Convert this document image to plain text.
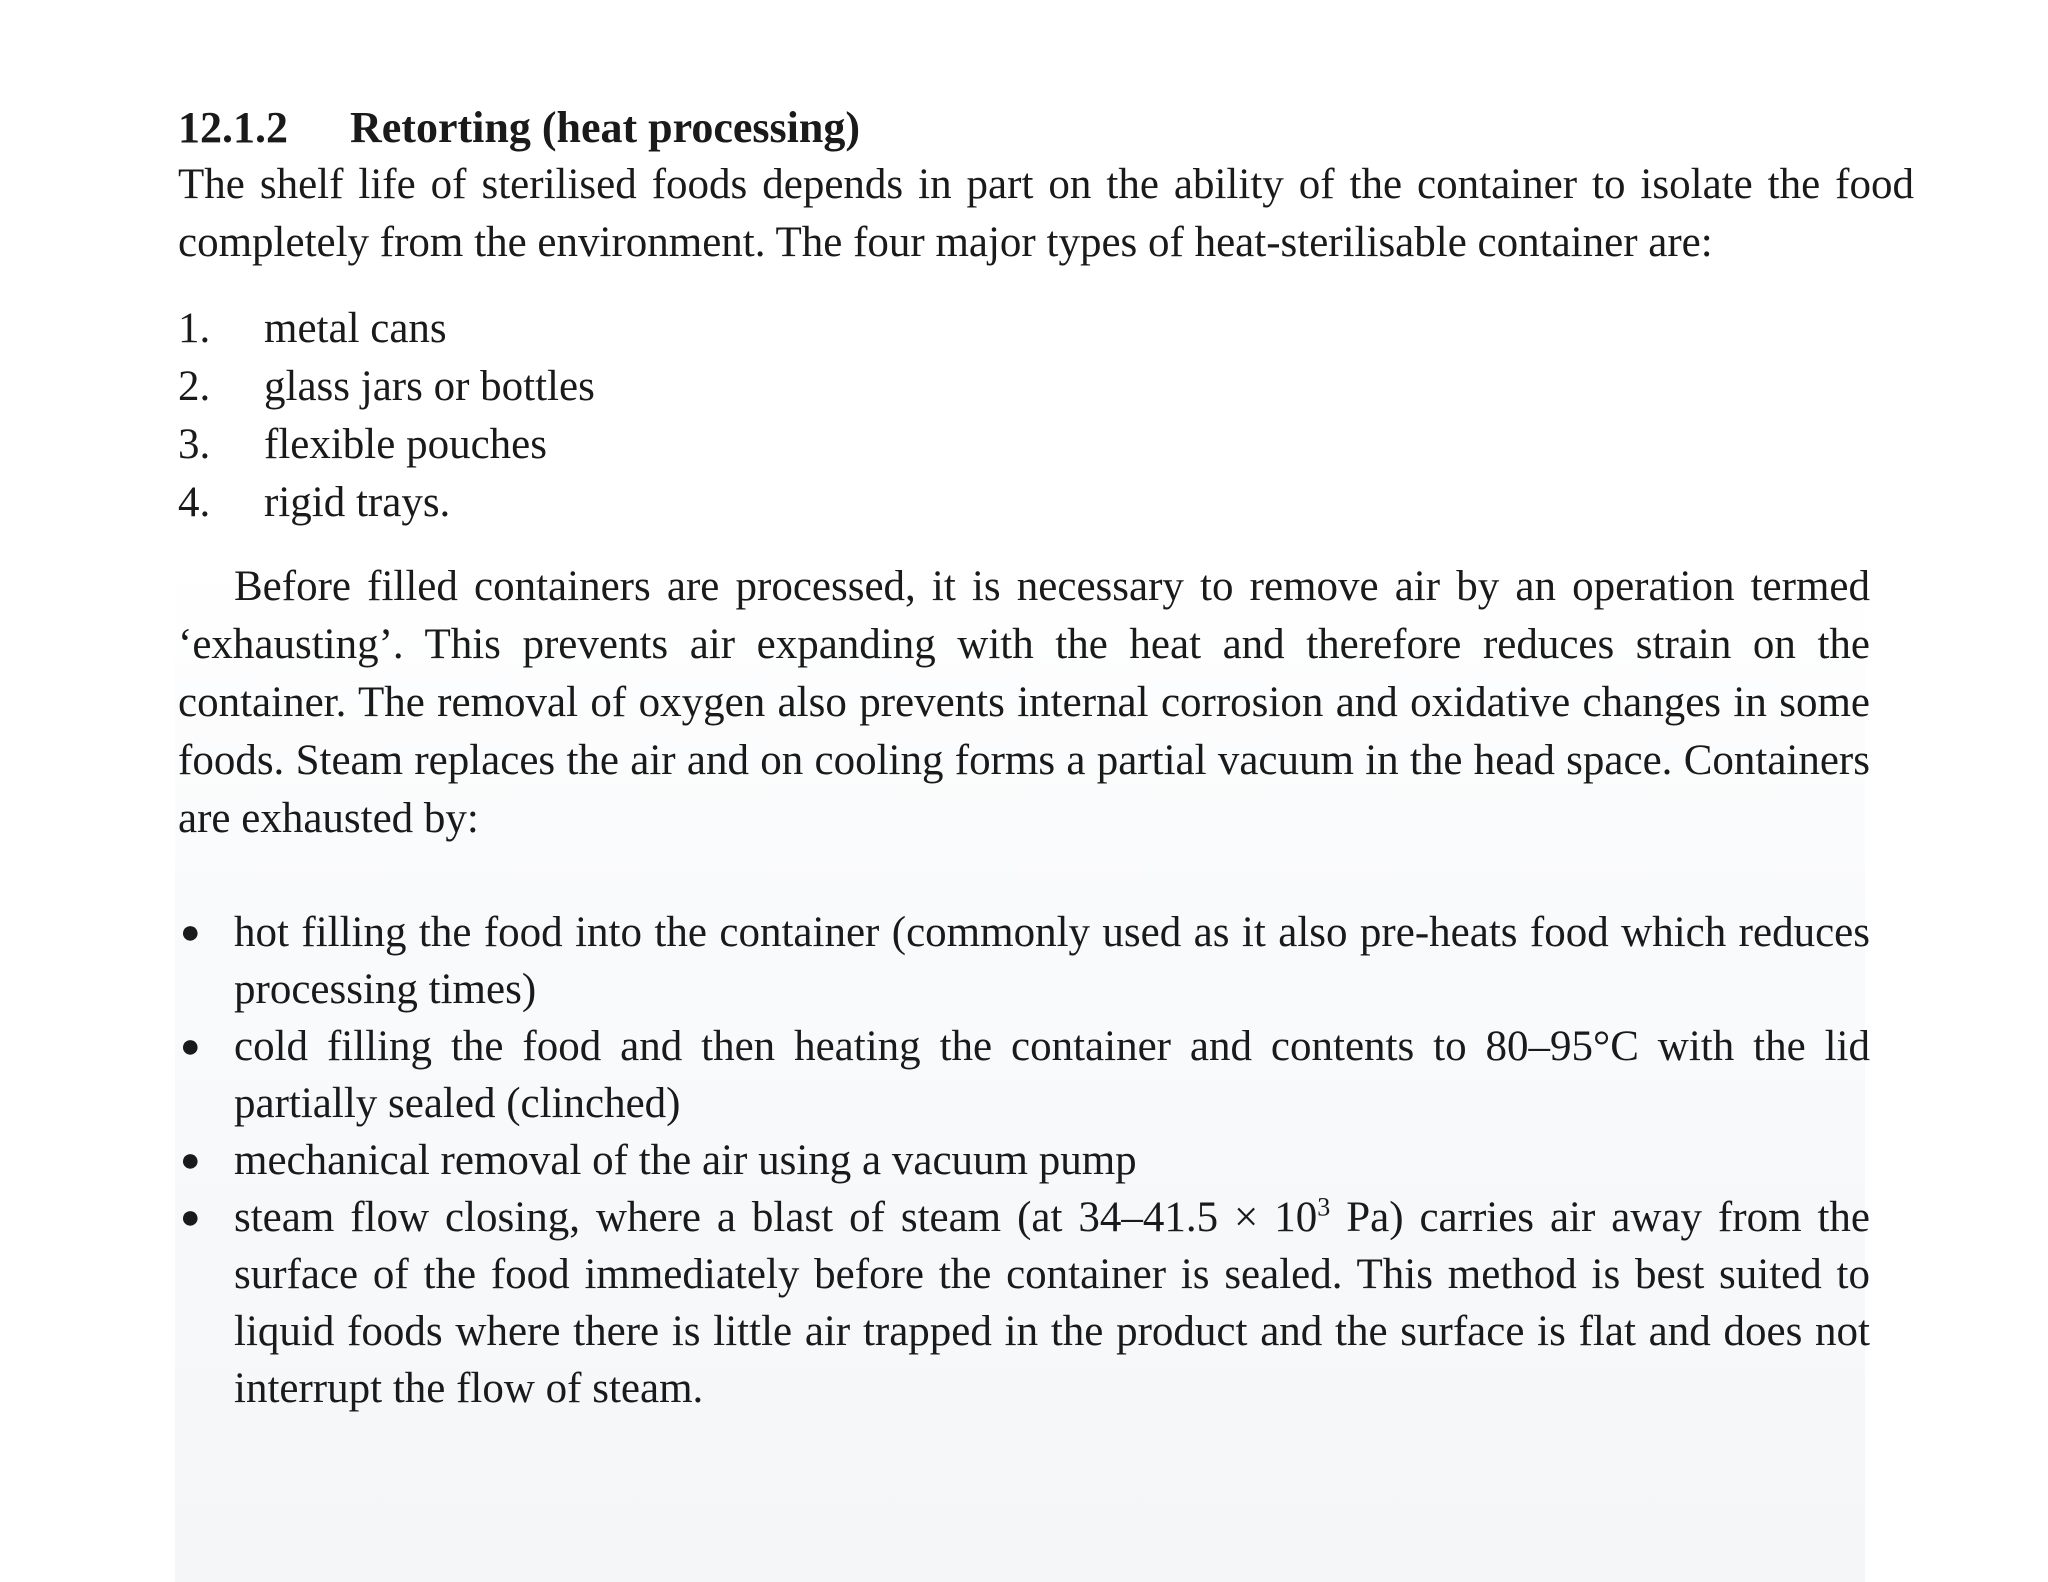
12.1.2 Retorting (heat processing)

The shelf life of sterilised foods depends in part on the ability of the container to isolate the food completely from the environment. The four major types of heat-sterilisable container are:

1.	metal cans
2.	glass jars or bottles
3.	flexible pouches
4.	rigid trays.

Before filled containers are processed, it is necessary to remove air by an operation termed ‘exhausting’. This prevents air expanding with the heat and therefore reduces strain on the container. The removal of oxygen also prevents internal corrosion and oxidative changes in some foods. Steam replaces the air and on cooling forms a partial vacuum in the head space. Containers are exhausted by:

● hot filling the food into the container (commonly used as it also pre-heats food which reduces processing times)
● cold filling the food and then heating the container and contents to 80–95°C with the lid partially sealed (clinched)
● mechanical removal of the air using a vacuum pump
● steam flow closing, where a blast of steam (at $34-41.5 \times 10^3$ Pa) carries air away from the surface of the food immediately before the container is sealed. This method is best suited to liquid foods where there is little air trapped in the product and the surface is flat and does not interrupt the flow of steam.
